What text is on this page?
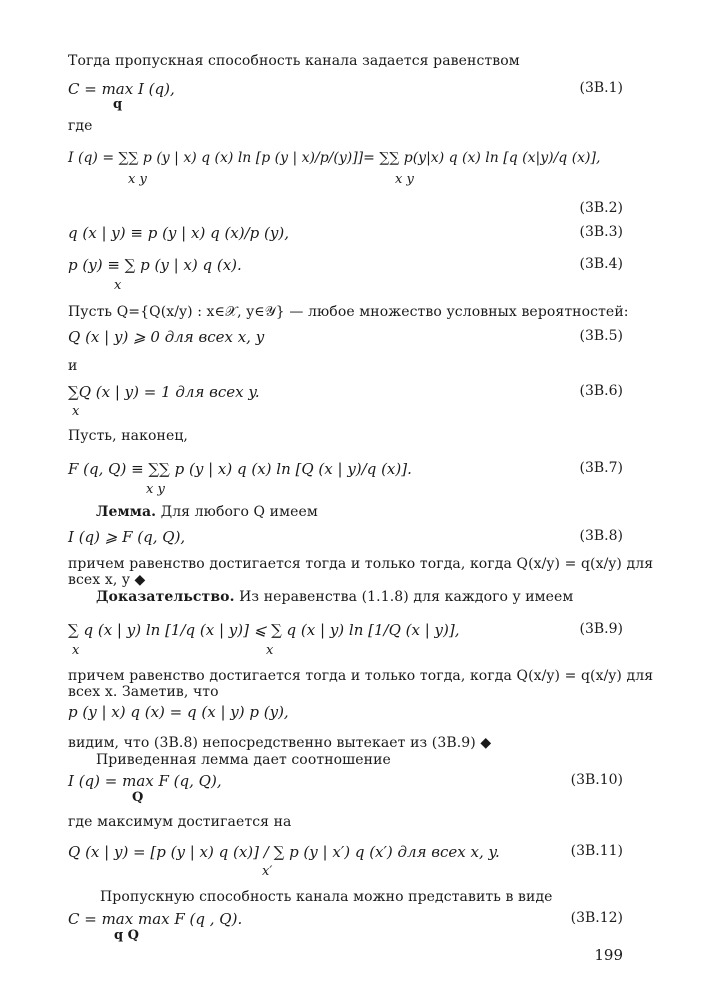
Тогда пропускная способность канала задается равенством
C = max I (q),
q
(3В.1)
где
I (q) = ∑∑ p (y | x) q (x) ln [p (y | x)/p/(y)]]= ∑∑ p(y|x) q (x) ln [q (x|y)/q (x)],
x y	x y
(3В.2)
q (x | y) ≡ p (y | x) q (x)/p (y),	(3В.3)
p (y) ≡ ∑ p (y | x) q (x).
x
(3В.4)
Пусть Q={Q(x/y) : x∈𝒳, y∈𝒴} — любое множество условных вероятностей:
Q (x | y) ⩾ 0 для всех x, y	(3В.5)
и
∑Q (x | y) = 1 для всех y.
x
(3В.6)
Пусть, наконец,
F (q, Q) ≡ ∑∑ p (y | x) q (x) ln [Q (x | y)/q (x)].
x y
(3В.7)
Лемма. Для любого Q имеем
I (q) ⩾ F (q, Q),	(3В.8)
причем равенство достигается тогда и только тогда, когда Q(x/y) = q(x/y) для
всех x, y ◆
Доказательство. Из неравенства (1.1.8) для каждого y имеем
∑ q (x | y) ln [1/q (x | y)] ⩽ ∑ q (x | y) ln [1/Q (x | y)],
x	x
(3В.9)
причем равенство достигается тогда и только тогда, когда Q(x/y) = q(x/y) для
всех x. Заметив, что
p (y | x) q (x) = q (x | y) p (y),
видим, что (3В.8) непосредственно вытекает из (3В.9) ◆
Приведенная лемма дает соотношение
I (q) = max F (q, Q),
Q
(3В.10)
где максимум достигается на
Q (x | y) = [p (y | x) q (x)] / ∑ p (y | x′) q (x′) для всех x, y.
x′
(3В.11)
Пропускную способность канала можно представить в виде
C = max max F (q , Q).
q Q
(3В.12)
199
